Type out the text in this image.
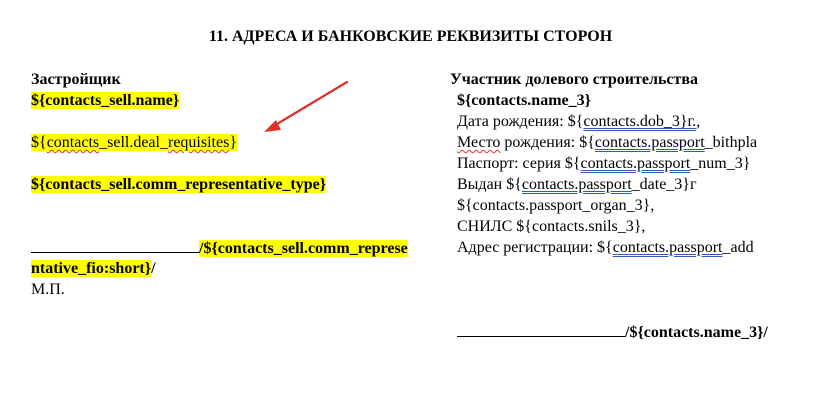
11. АДРЕСА И БАНКОВСКИЕ РЕКВИЗИТЫ СТОРОН
Застройщик
${contacts_sell.name}
${contacts_sell.deal_requisites}
${contacts_sell.comm_representative_type}
/${contacts_sell.comm_represe
ntative_fio:short}/
М.П.
Участник долевого строительства
${contacts.name_3}
Дата рождения: ${contacts.dob_3}г.,
Место рождения: ${contacts.passport_bithpla
Паспорт: серия ${contacts.passport_num_3}
Выдан ${contacts.passport_date_3}г
${contacts.passport_organ_3},
СНИЛС ${contacts.snils_3},
Адрес регистрации: ${contacts.passport_add
/${contacts.name_3}/
